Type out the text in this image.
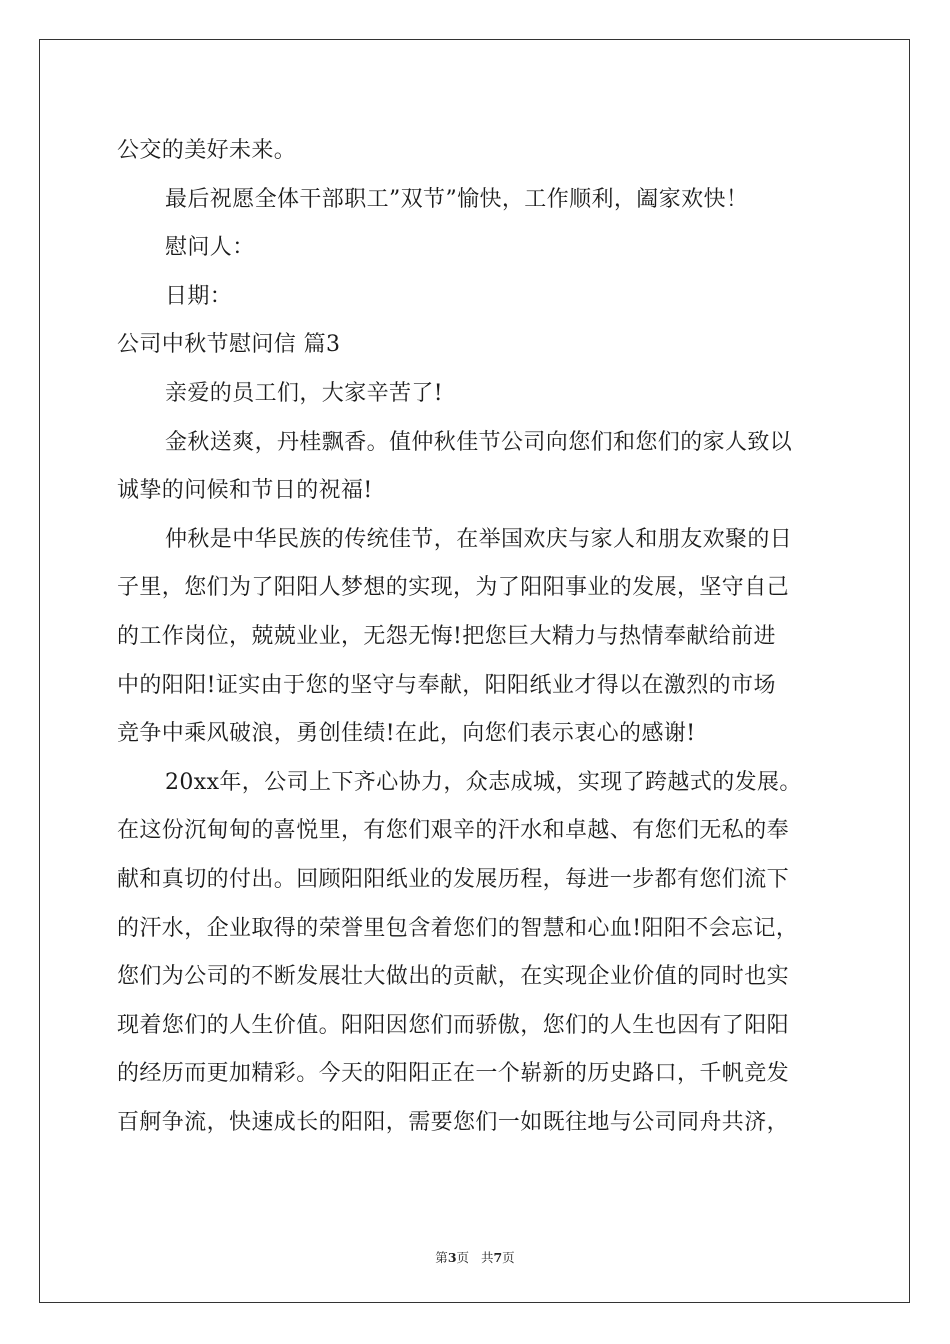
公交的美好未来。
最后祝愿全体干部职工”双节”愉快，工作顺利，阖家欢快！
慰问人：
日期：
公司中秋节慰问信 篇3
亲爱的员工们，大家辛苦了!
金秋送爽，丹桂飘香。值仲秋佳节公司向您们和您们的家人致以
诚挚的问候和节日的祝福!
仲秋是中华民族的传统佳节，在举国欢庆与家人和朋友欢聚的日
子里，您们为了阳阳人梦想的实现，为了阳阳事业的发展，坚守自己
的工作岗位，兢兢业业，无怨无悔!把您巨大精力与热情奉献给前进
中的阳阳!证实由于您的坚守与奉献，阳阳纸业才得以在激烈的市场
竞争中乘风破浪，勇创佳绩!在此，向您们表示衷心的感谢!
20xx年，公司上下齐心协力，众志成城，实现了跨越式的发展。
在这份沉甸甸的喜悦里，有您们艰辛的汗水和卓越、有您们无私的奉
献和真切的付出。回顾阳阳纸业的发展历程，每进一步都有您们流下
的汗水，企业取得的荣誉里包含着您们的智慧和心血!阳阳不会忘记，
您们为公司的不断发展壮大做出的贡献，在实现企业价值的同时也实
现着您们的人生价值。阳阳因您们而骄傲，您们的人生也因有了阳阳
的经历而更加精彩。今天的阳阳正在一个崭新的历史路口，千帆竞发
百舸争流，快速成长的阳阳，需要您们一如既往地与公司同舟共济，
第3页 共7页
